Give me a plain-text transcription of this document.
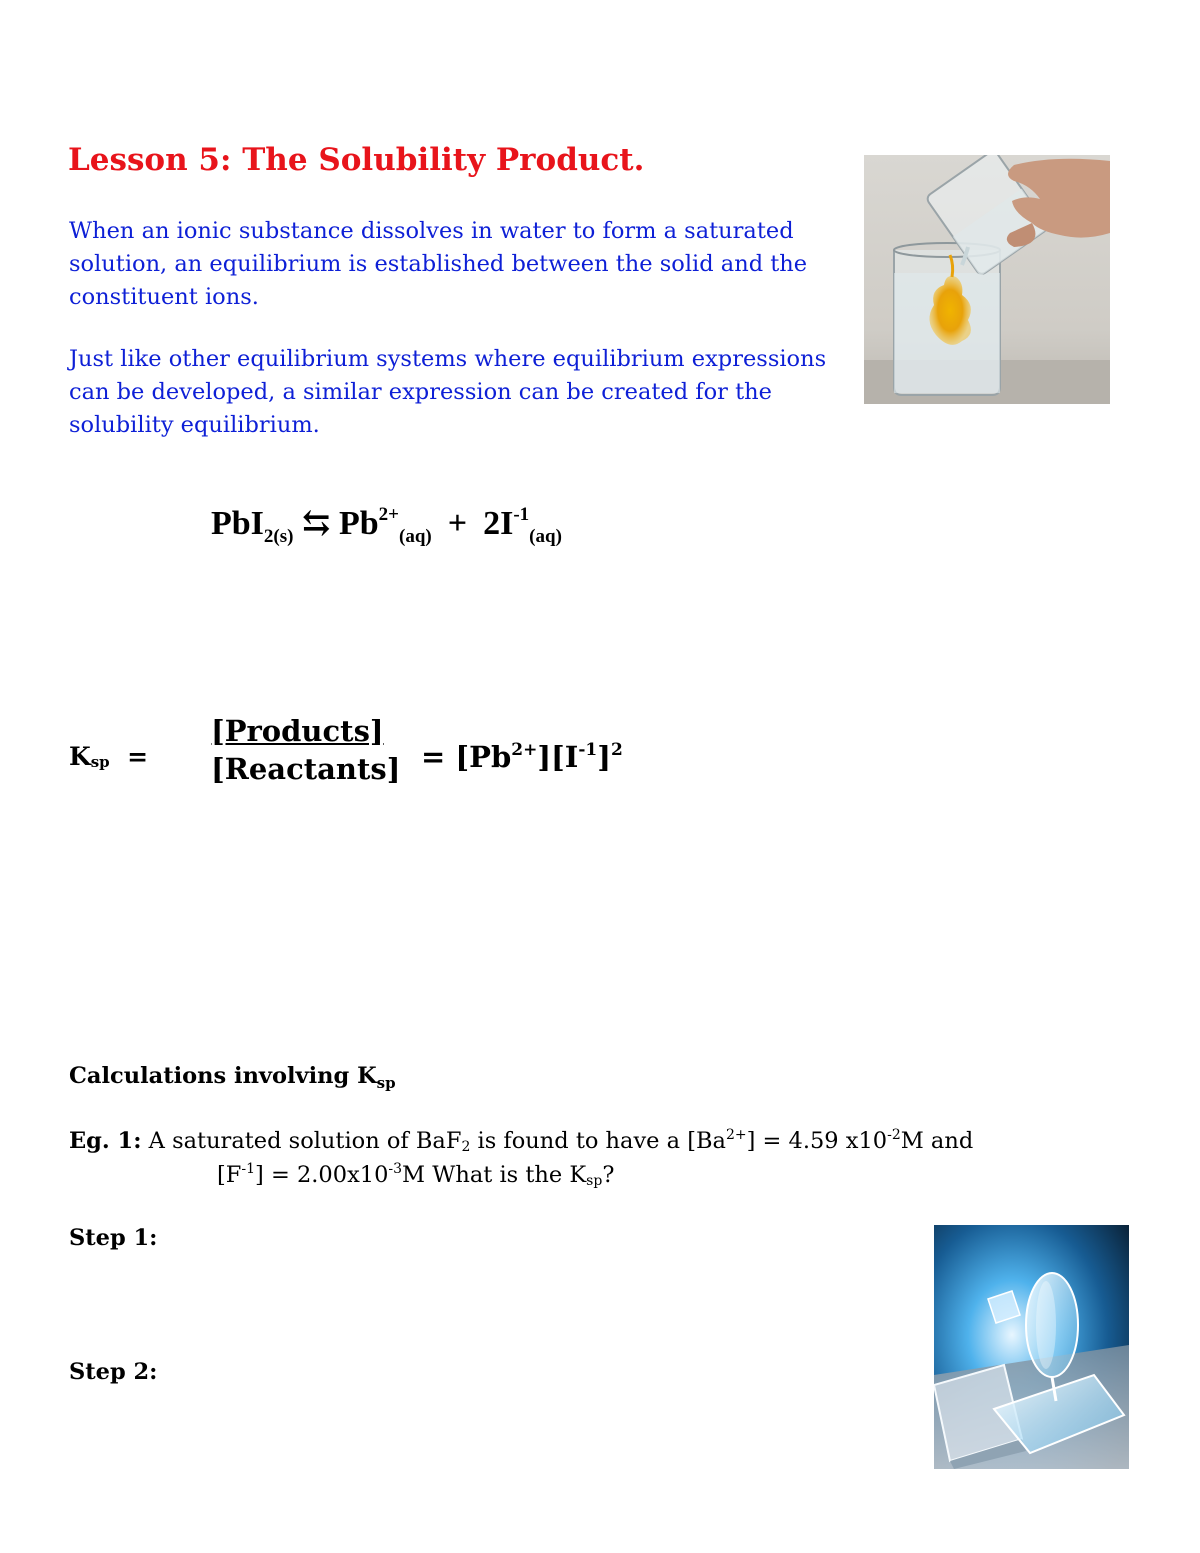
Lesson 5: The Solubility Product.
When an ionic substance dissolves in water to form a saturated solution, an equilibrium is established between the solid and the constituent ions.
Just like other equilibrium systems where equilibrium expressions can be developed, a similar expression can be created for the solubility equilibrium.
PbI$_{2(s)}$ ⇆ $Pb^{2+}_{(aq)} + 2I^{-1}_{(aq)}$
$K_{sp}$ =
[Products]
[Reactants] = $[Pb^{2+}][I^{-1}]^2$
Calculations involving $K_{sp}$
Eg. 1: A saturated solution of BaF$_2$ is found to have a $[Ba^{2+}] = 4.59$ $x10^{-2}M$ and
$[F^{-1}] = 2.00x10^{-3}M$ What is the $K_{sp}$?
Step 1:
Step 2:
